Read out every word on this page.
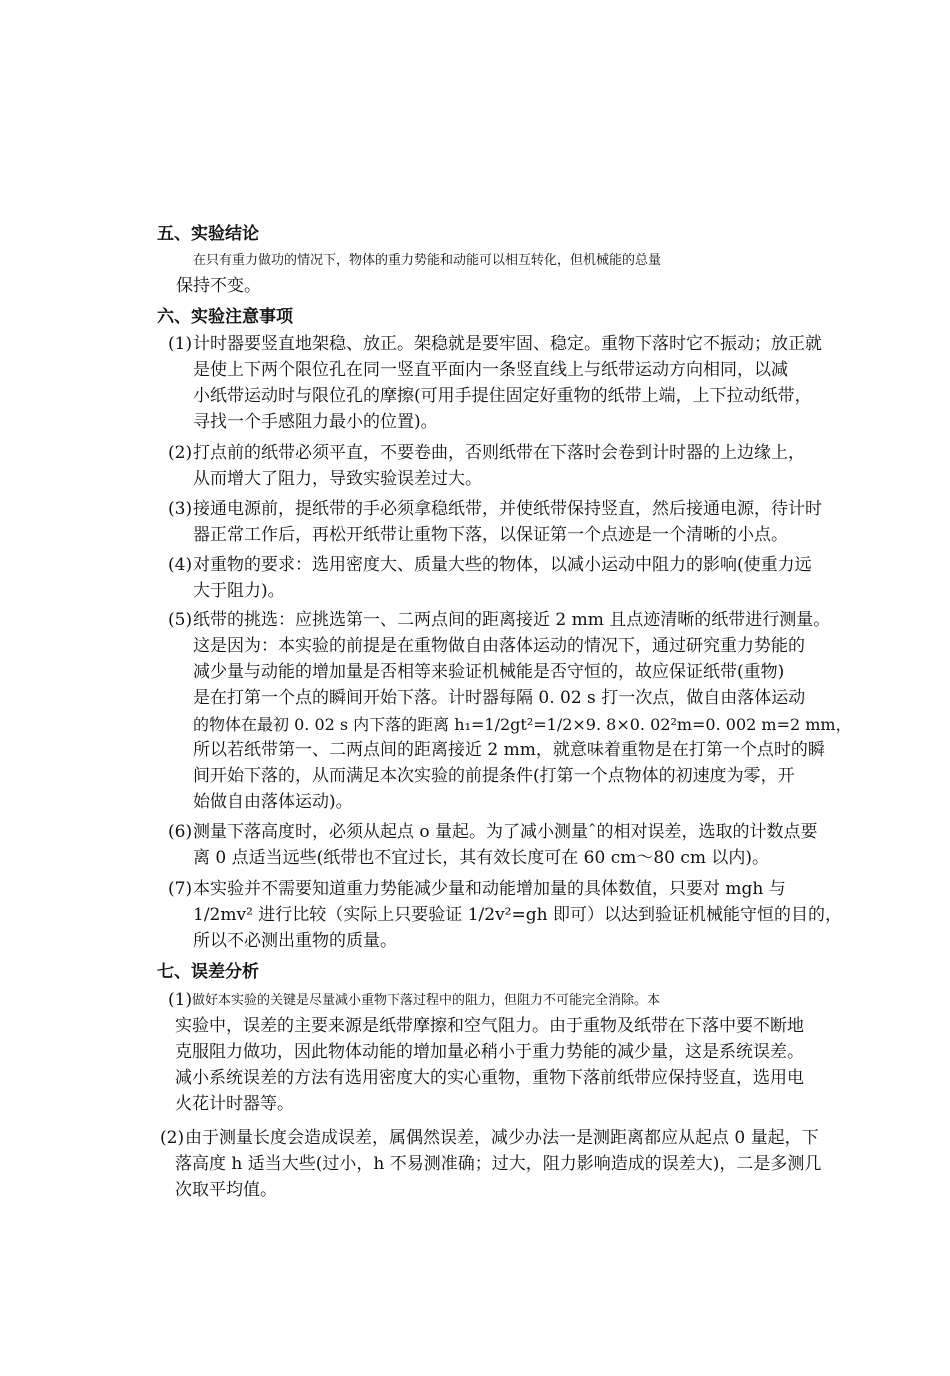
五、实验结论
在只有重力做功的情况下，物体的重力势能和动能可以相互转化，但机械能的总量
保持不变。
六、实验注意事项
(1) 计时器要竖直地架稳、放正。架稳就是要牢固、稳定。重物下落时它不振动；放正就
是使上下两个限位孔在同一竖直平面内一条竖直线上与纸带运动方向相同，以减
小纸带运动时与限位孔的摩擦(可用手提住固定好重物的纸带上端，上下拉动纸带，
寻找一个手感阻力最小的位置)。
(2) 打点前的纸带必须平直，不要卷曲，否则纸带在下落时会卷到计时器的上边缘上，
从而增大了阻力，导致实验误差过大。
(3) 接通电源前，提纸带的手必须拿稳纸带，并使纸带保持竖直，然后接通电源，待计时
器正常工作后，再松开纸带让重物下落，以保证第一个点迹是一个清晰的小点。
(4) 对重物的要求：选用密度大、质量大些的物体，以减小运动中阻力的影响(使重力远
大于阻力)。
(5) 纸带的挑选：应挑选第一、二两点间的距离接近 2 mm 且点迹清晰的纸带进行测量。
这是因为：本实验的前提是在重物做自由落体运动的情况下，通过研究重力势能的
减少量与动能的增加量是否相等来验证机械能是否守恒的，故应保证纸带(重物)
是在打第一个点的瞬间开始下落。计时器每隔 0. 02 s 打一次点，做自由落体运动
的物体在最初 0. 02 s 内下落的距离 h₁=1/2gt²=1/2×9. 8×0. 02²m=0. 002 m=2 mm，
所以若纸带第一、二两点间的距离接近 2 mm，就意味着重物是在打第一个点时的瞬
间开始下落的，从而满足本次实验的前提条件(打第一个点物体的初速度为零，开
始做自由落体运动)。
(6) 测量下落高度时，必须从起点 o 量起。为了减小测量ˆ的相对误差，选取的计数点要
离 0 点适当远些(纸带也不宜过长，其有效长度可在 60 cm～80 cm 以内)。
(7) 本实验并不需要知道重力势能减少量和动能增加量的具体数值，只要对 mgh 与
1/2mv² 进行比较（实际上只要验证 1/2v²=gh 即可）以达到验证机械能守恒的目的，
所以不必测出重物的质量。
七、误差分析
(1) 做好本实验的关键是尽量减小重物下落过程中的阻力，但阻力不可能完全消除。本
实验中，误差的主要来源是纸带摩擦和空气阻力。由于重物及纸带在下落中要不断地
克服阻力做功，因此物体动能的增加量必稍小于重力势能的减少量，这是系统误差。
减小系统误差的方法有选用密度大的实心重物，重物下落前纸带应保持竖直，选用电
火花计时器等。
(2) 由于测量长度会造成误差，属偶然误差，减少办法一是测距离都应从起点 0 量起，下
落高度 h 适当大些(过小，h 不易测准确；过大，阻力影响造成的误差大)，二是多测几
次取平均值。
